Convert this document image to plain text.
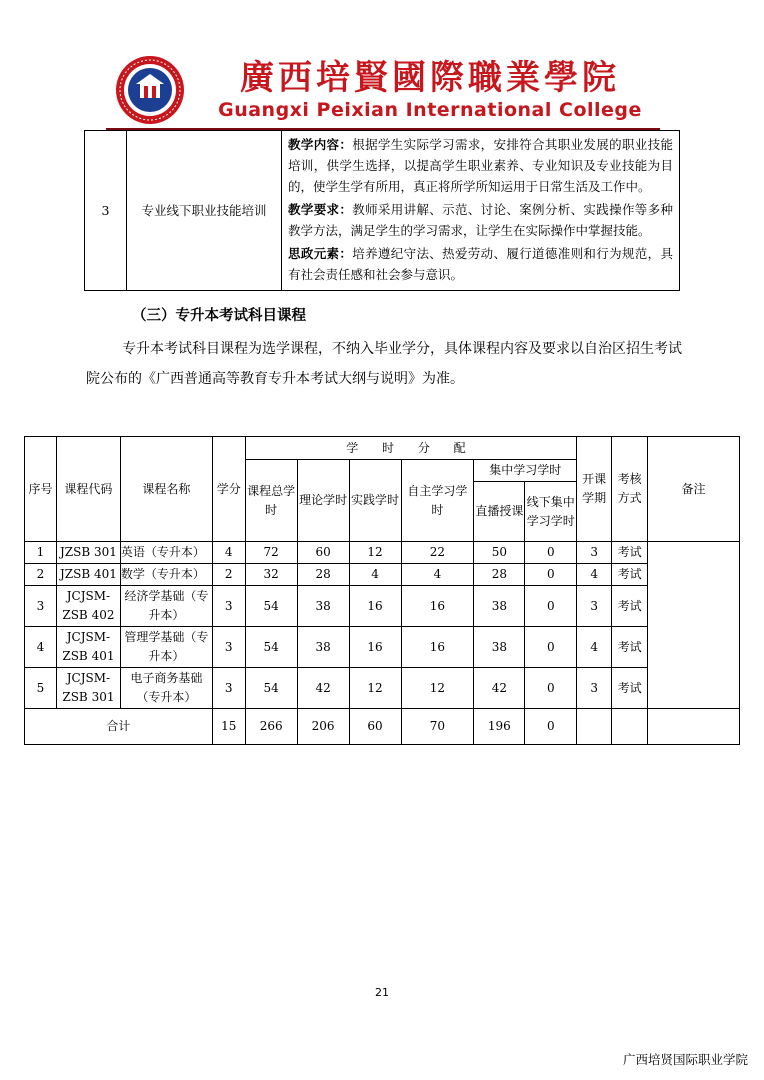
廣西培賢國際職業學院
Guangxi Peixian International College
3	专业线下职业技能培训	

教学内容：根据学生实际学习需求，安排符合其职业发展的职业技能培训，供学生选择，以提高学生职业素养、专业知识及专业技能为目的，使学生学有所用，真正将所学所知运用于日常生活及工作中。

教学要求：教师采用讲解、示范、讨论、案例分析、实践操作等多种教学方法，满足学生的学习需求，让学生在实际操作中掌握技能。

思政元素：培养遵纪守法、热爱劳动、履行道德准则和行为规范，具有社会责任感和社会参与意识。

（三）专升本考试科目课程
专升本考试科目课程为选学课程，不纳入毕业学分，具体课程内容及要求以自治区招生考试院公布的《广西普通高等教育专升本考试大纲与说明》为准。
序号	课程代码	课程名称	学分	学 时 分 配						开课学期	考核方式	备注
				课程总学时	理论学时	实践学时	自主学习学时	集中学习学时				
								直播授课	线下集中学习学时			
1	JZSB 301	英语（专升本）	4	72	60	12	22	50	0	3	考试	
2	JZSB 401	数学（专升本）	2	32	28	4	4	28	0	4	考试	
3	JCJSM-ZSB 402	经济学基础（专升本）	3	54	38	16	16	38	0	3	考试	
4	JCJSM-ZSB 401	管理学基础（专升本）	3	54	38	16	16	38	0	4	考试	
5	JCJSM-ZSB 301	电子商务基础（专升本）	3	54	42	12	12	42	0	3	考试	
合计			15	266	206	60	70	196	0			
21
广西培贤国际职业学院
